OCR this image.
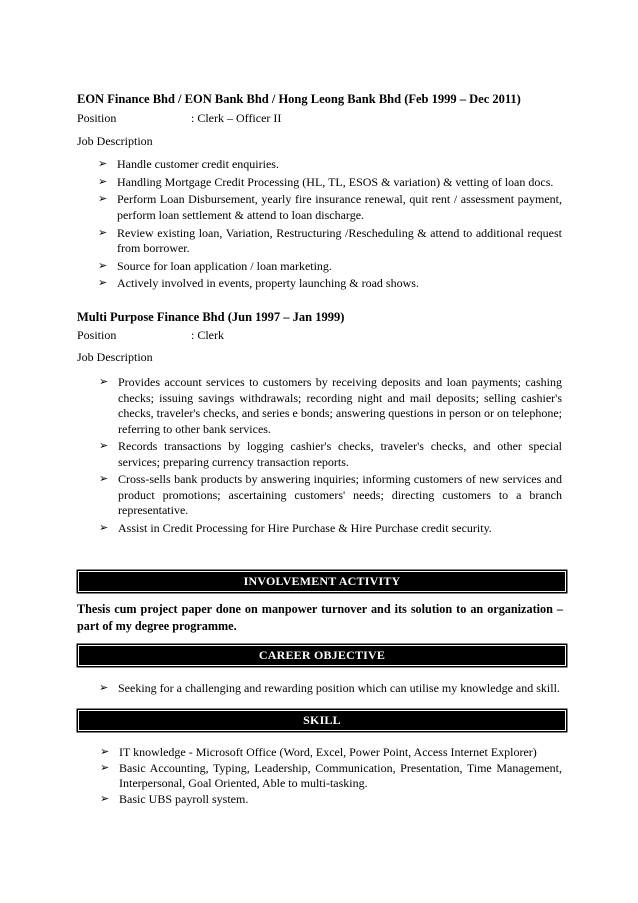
EON Finance Bhd / EON Bank Bhd / Hong Leong Bank Bhd (Feb 1999 – Dec 2011)
Position	: Clerk – Officer II
Job Description
➢ Handle customer credit enquiries.
➢ Handling Mortgage Credit Processing (HL, TL, ESOS & variation) & vetting of loan docs.
➢ Perform Loan Disbursement, yearly fire insurance renewal, quit rent / assessment payment, perform loan settlement & attend to loan discharge.
➢ Review existing loan, Variation, Restructuring /Rescheduling & attend to additional request from borrower.
➢ Source for loan application / loan marketing.
➢ Actively involved in events, property launching & road shows.
Multi Purpose Finance Bhd (Jun 1997 – Jan 1999)
Position	: Clerk
Job Description
➢ Provides account services to customers by receiving deposits and loan payments; cashing checks; issuing savings withdrawals; recording night and mail deposits; selling cashier's checks, traveler's checks, and series e bonds; answering questions in person or on telephone; referring to other bank services.
➢ Records transactions by logging cashier's checks, traveler's checks, and other special services; preparing currency transaction reports.
➢ Cross-sells bank products by answering inquiries; informing customers of new services and product promotions; ascertaining customers' needs; directing customers to a branch representative.
➢ Assist in Credit Processing for Hire Purchase & Hire Purchase credit security.
INVOLVEMENT ACTIVITY
Thesis cum project paper done on manpower turnover and its solution to an organization – part of my degree programme.
CAREER OBJECTIVE
➢ Seeking for a challenging and rewarding position which can utilise my knowledge and skill.
SKILL
➢ IT knowledge - Microsoft Office (Word, Excel, Power Point, Access Internet Explorer)
➢ Basic Accounting, Typing, Leadership, Communication, Presentation, Time Management, Interpersonal, Goal Oriented, Able to multi-tasking.
➢ Basic UBS payroll system.
